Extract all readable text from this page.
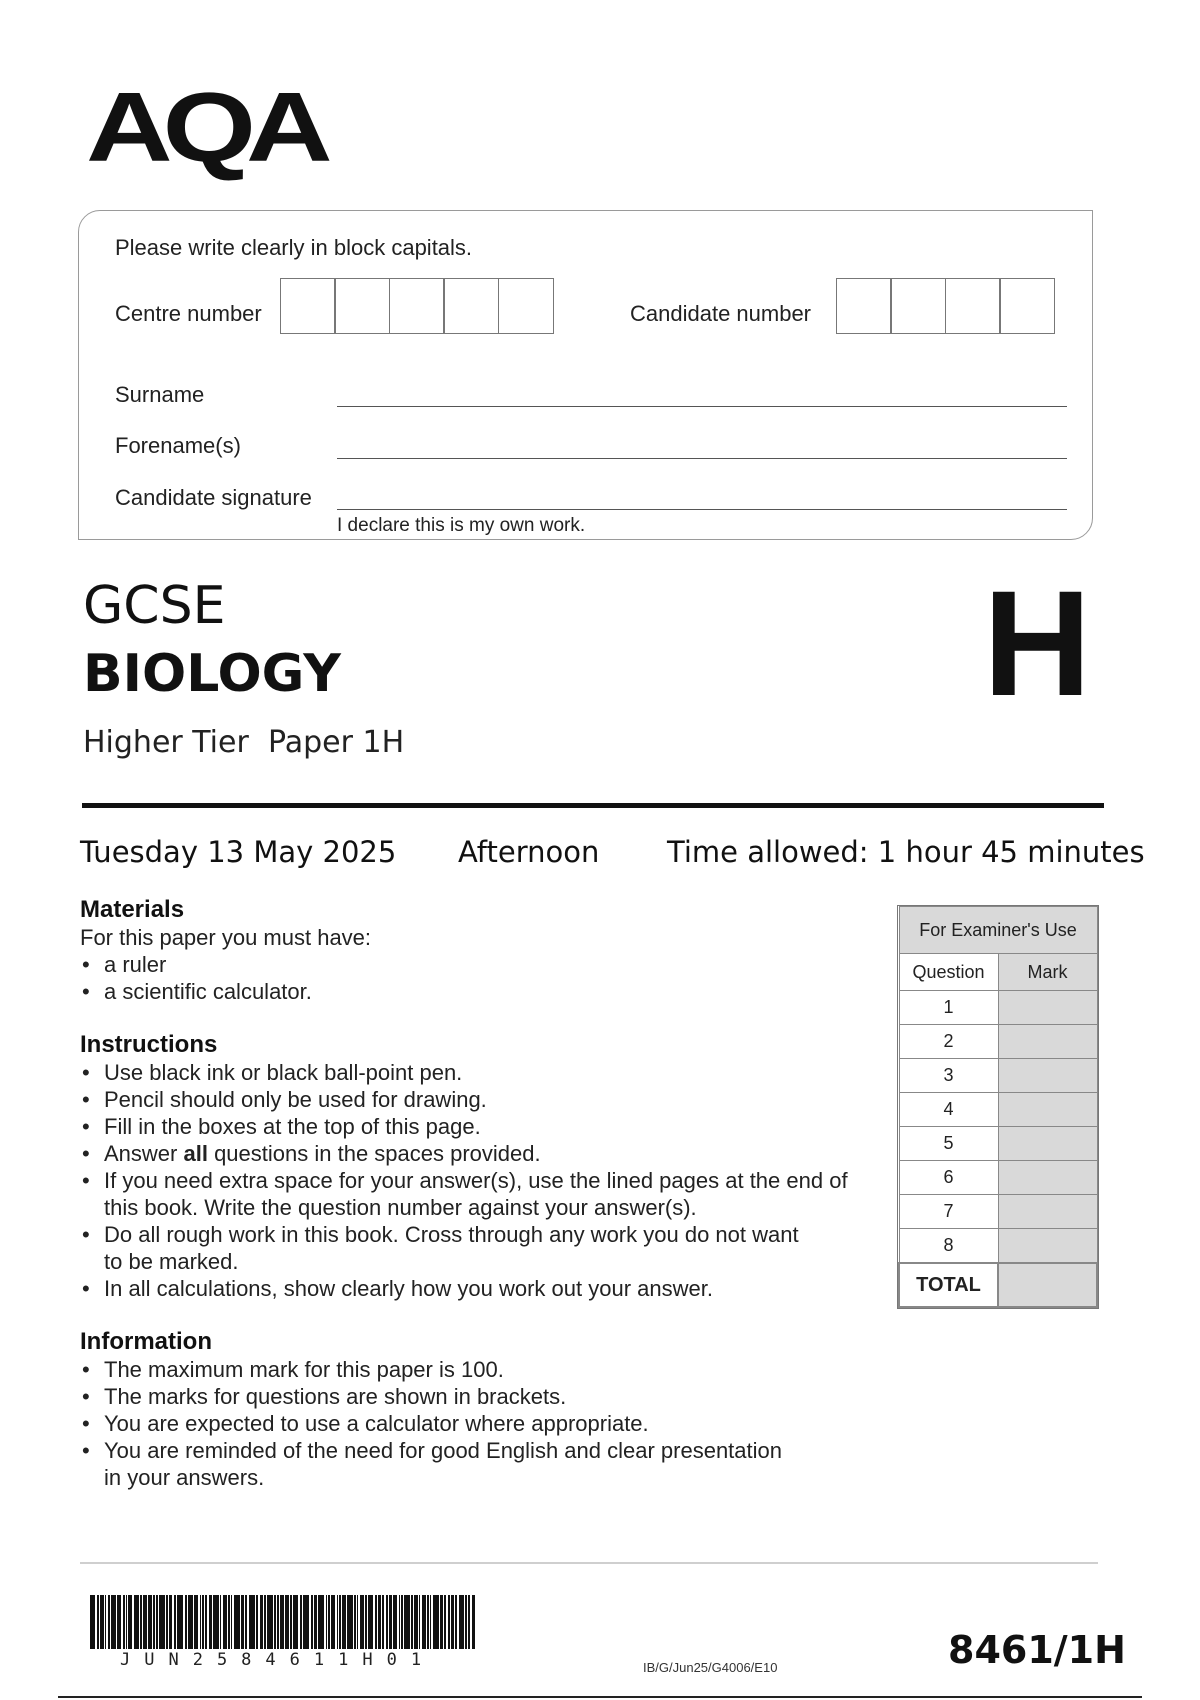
AQA
Please write clearly in block capitals.
Centre number	Candidate number
Surname
Forename(s)
Candidate signature
I declare this is my own work.
GCSE
BIOLOGY
Higher Tier Paper 1H
H
Tuesday 13 May 2025 Afternoon Time allowed: 1 hour 45 minutes
Materials

For this paper you must have:

• a ruler
• a scientific calculator.
Instructions
• Use black ink or black ball-point pen.
• Pencil should only be used for drawing.
• Fill in the boxes at the top of this page.
• Answer all questions in the spaces provided.
• If you need extra space for your answer(s), use the lined pages at the end of this book. Write the question number against your answer(s).
• Do all rough work in this book. Cross through any work you do not want to be marked.
• In all calculations, show clearly how you work out your answer.
Information
• The maximum mark for this paper is 100.
• The marks for questions are shown in brackets.
• You are expected to use a calculator where appropriate.
• You are reminded of the need for good English and clear presentation in your answers.
For Examiner's Use	
Question	Mark
1	
2	
3	
4	
5	
6	
7	
8	
TOTAL	
JUN2584611H01	IB/G/Jun25/G4006/E10	8461/1H
